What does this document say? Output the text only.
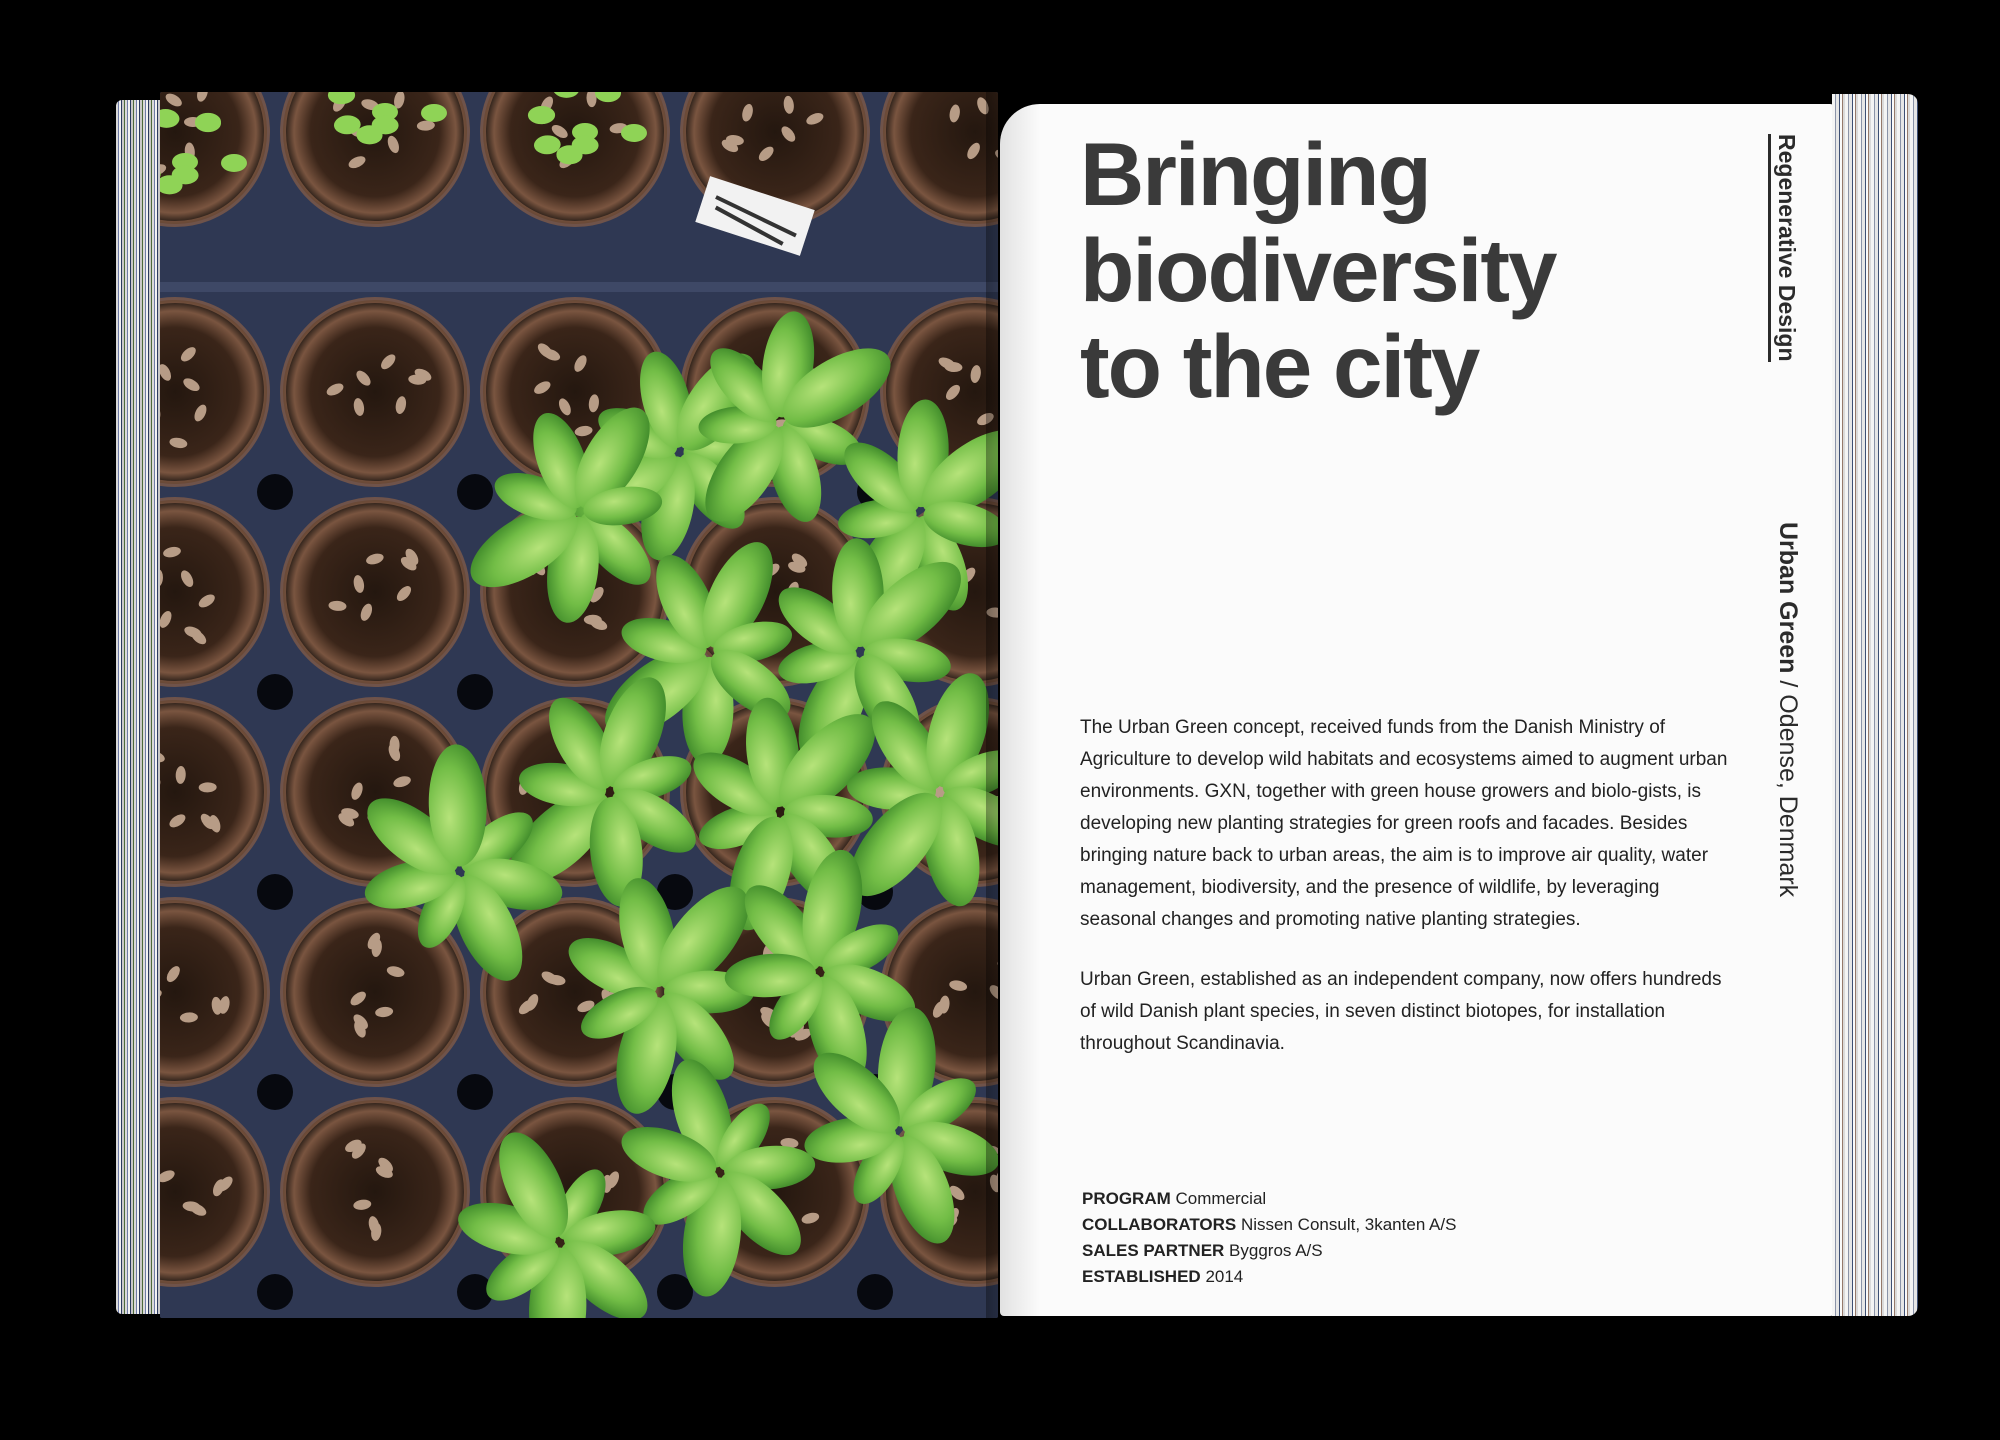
Bringing
biodiversity
to the city
Regenerative Design
Urban Green / Odense, Denmark

The Urban Green concept, received funds from the Danish Ministry of Agriculture to develop wild habitats and ecosystems aimed to augment urban environments. GXN, together with green house growers and biolo-gists, is developing new planting strategies for green roofs and facades. Besides bringing nature back to urban areas, the aim is to improve air quality, water management, biodiversity, and the presence of wildlife, by leveraging seasonal changes and promoting native planting strategies.

Urban Green, established as an independent company, now offers hundreds of wild Danish plant species, in seven distinct biotopes, for installation throughout Scandinavia.

PROGRAM Commercial
COLLABORATORS Nissen Consult, 3kanten A/S
SALES PARTNER Byggros A/S
ESTABLISHED 2014
